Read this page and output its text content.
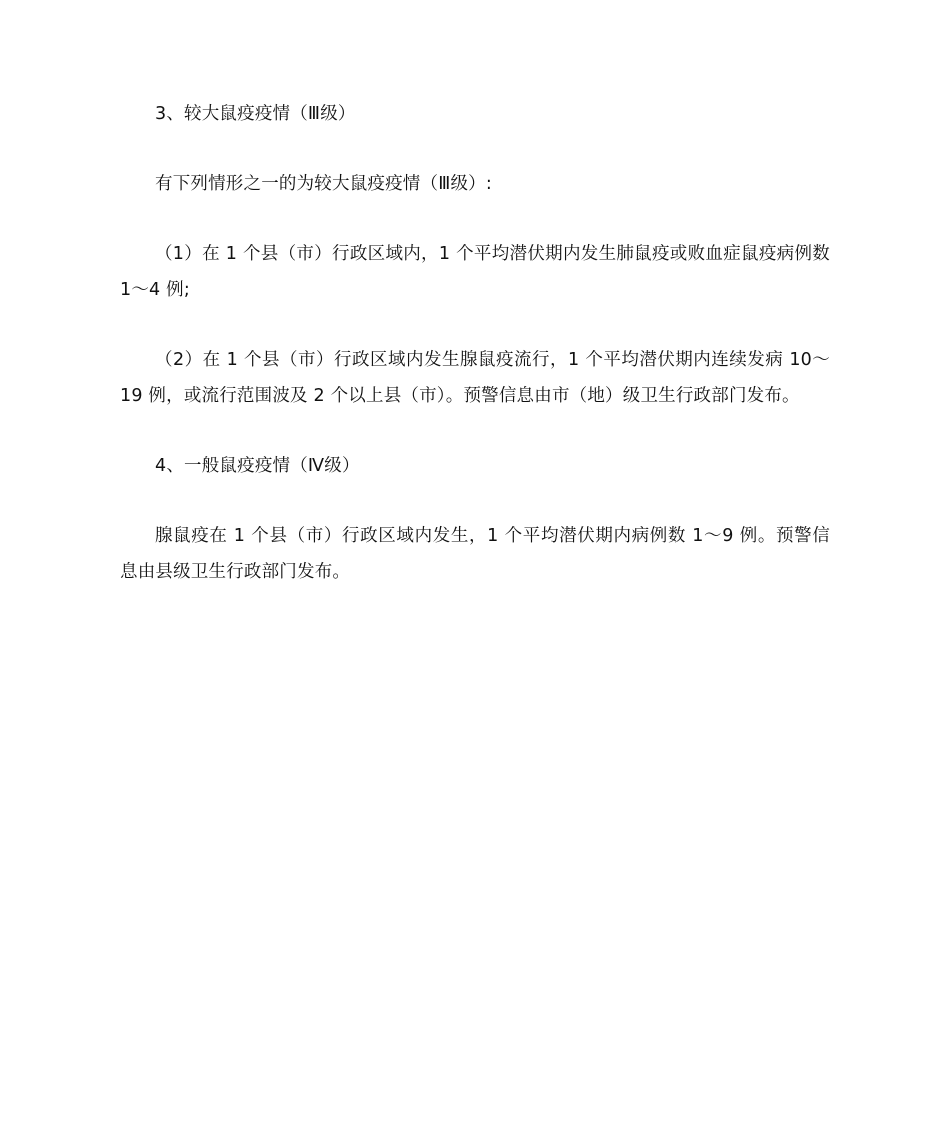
3、较大鼠疫疫情（Ⅲ级）

有下列情形之一的为较大鼠疫疫情（Ⅲ级）:

（1）在 1 个县（市）行政区域内，1 个平均潜伏期内发生肺鼠疫或败血症鼠疫病例数 1～4 例;

（2）在 1 个县（市）行政区域内发生腺鼠疫流行，1 个平均潜伏期内连续发病 10～19 例，或流行范围波及 2 个以上县（市）。预警信息由市（地）级卫生行政部门发布。

4、一般鼠疫疫情（Ⅳ级）

腺鼠疫在 1 个县（市）行政区域内发生，1 个平均潜伏期内病例数 1～9 例。预警信息由县级卫生行政部门发布。
